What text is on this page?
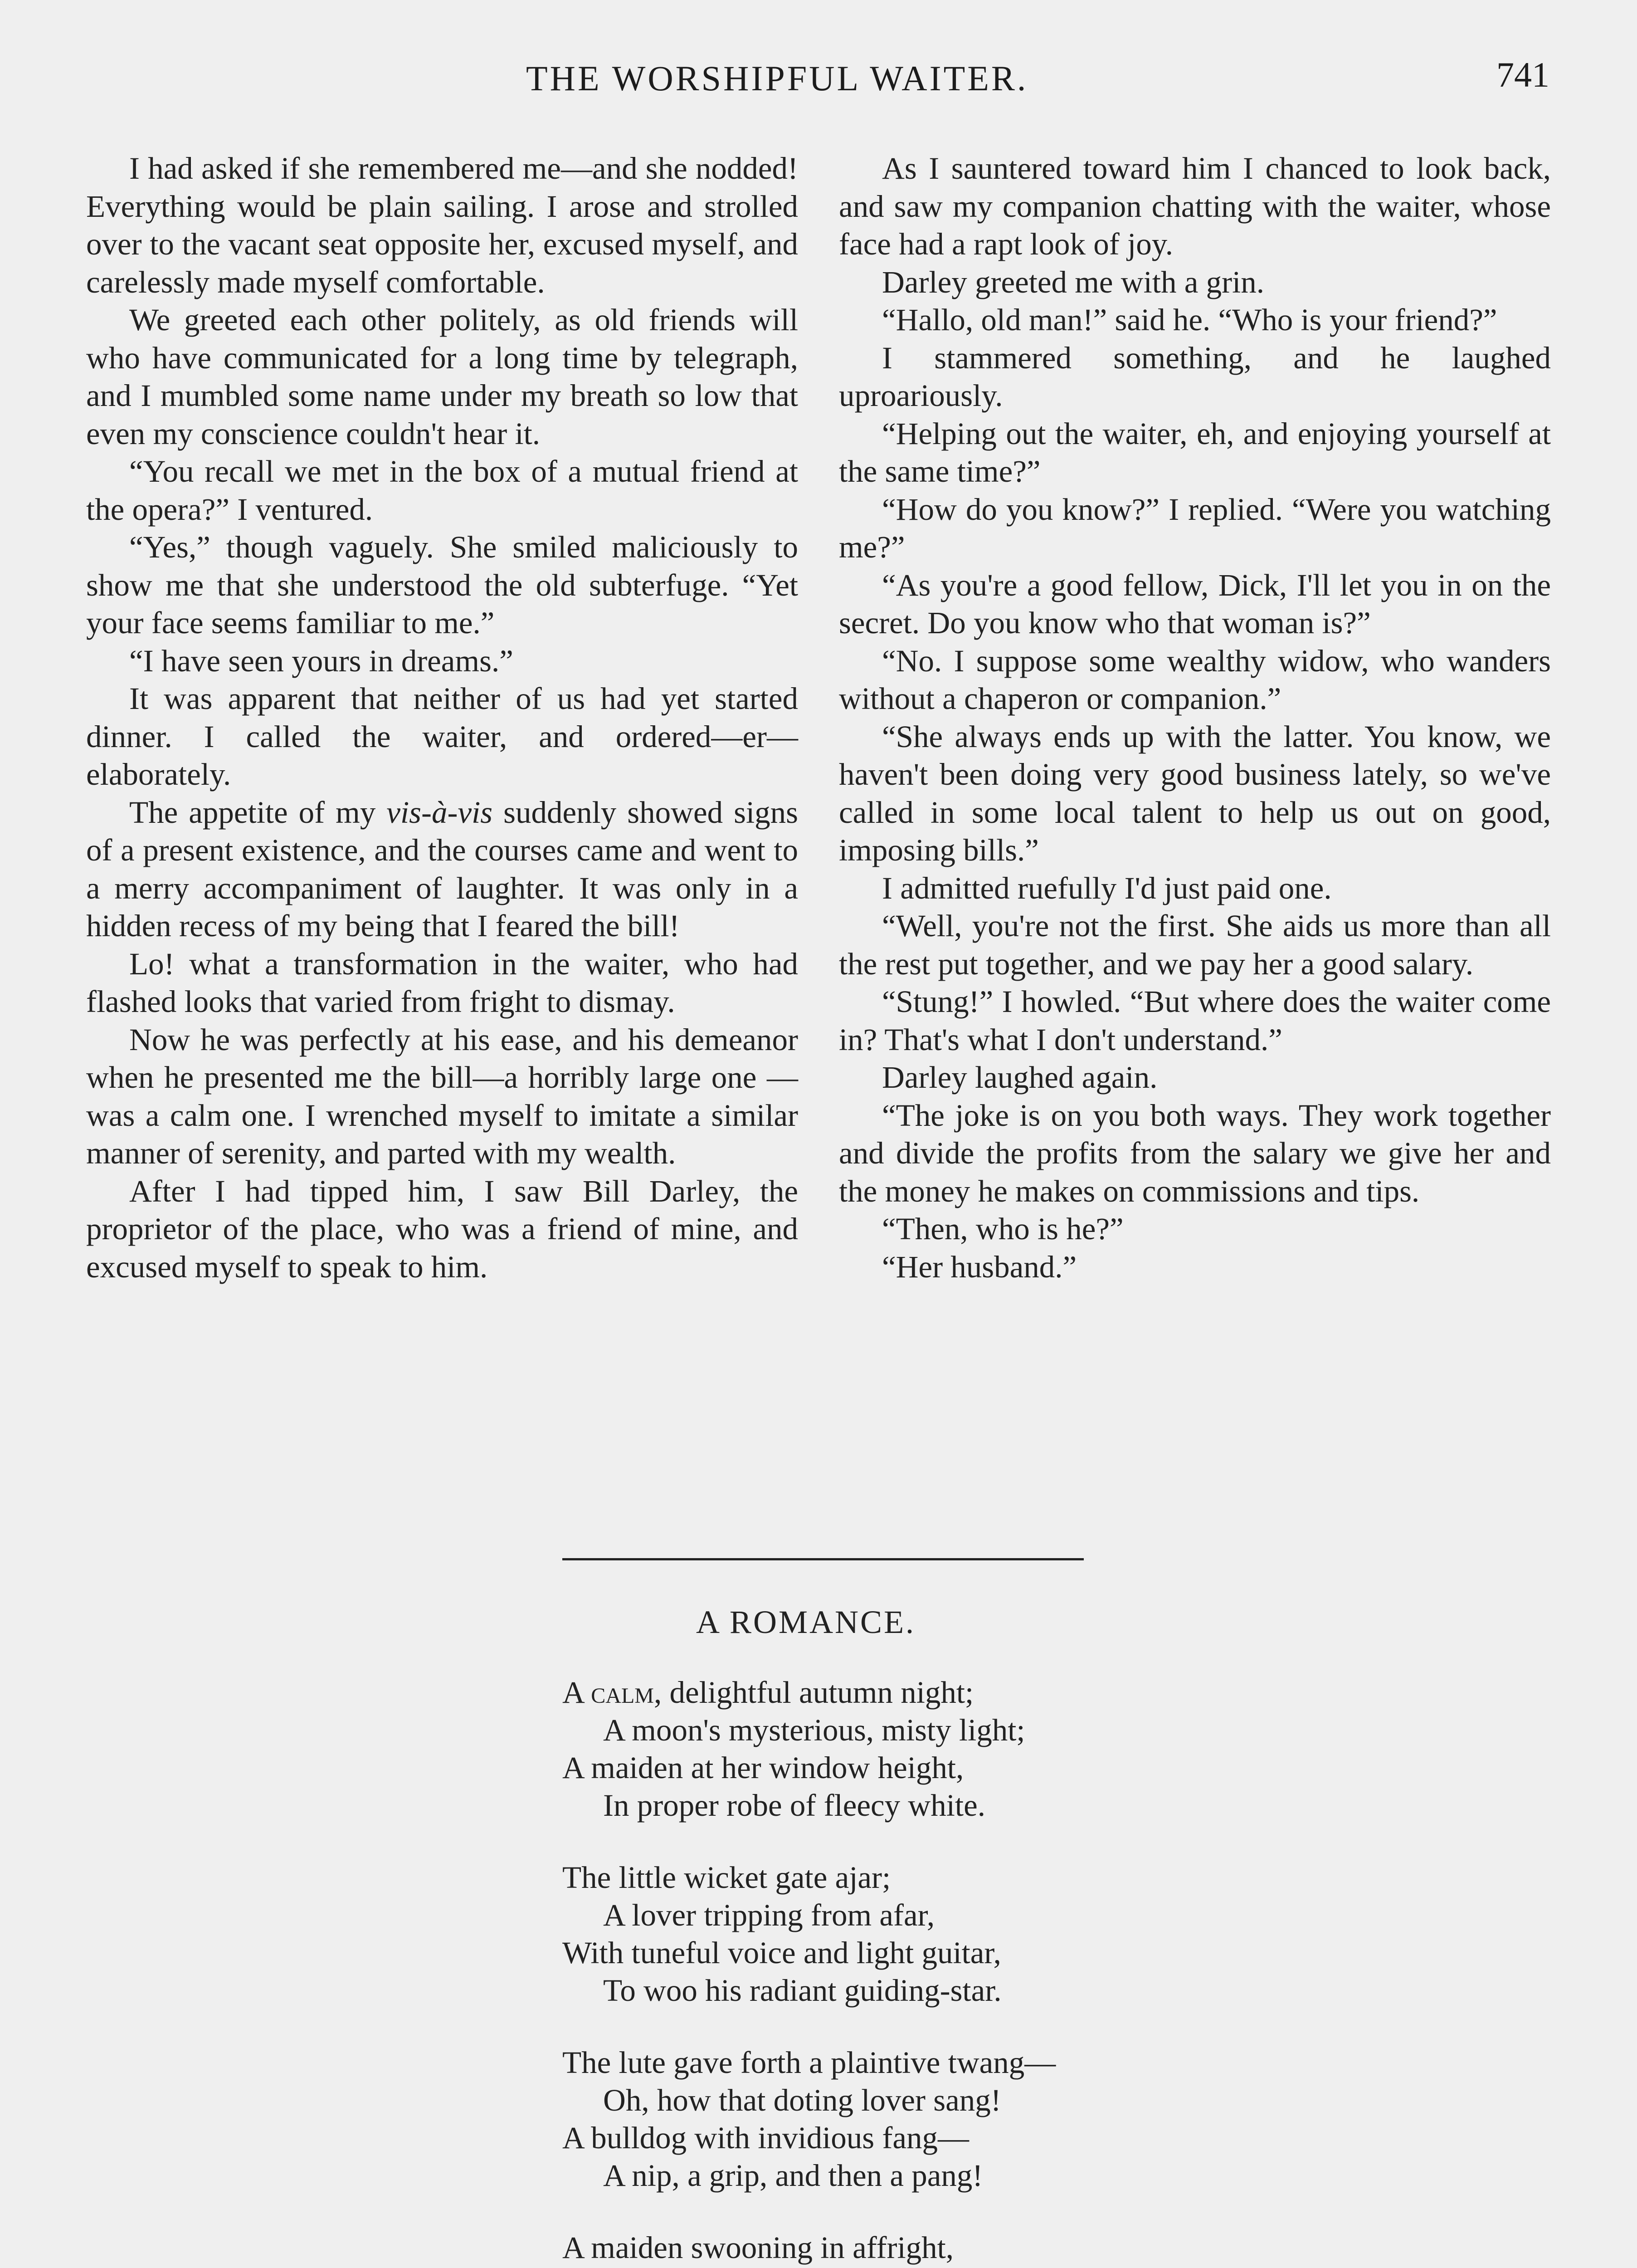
THE WORSHIPFUL WAITER.	741

I had asked if she remembered me—and she nodded! Everything would be plain sailing. I arose and strolled over to the vacant seat opposite her, excused myself, and carelessly made myself comfortable.

We greeted each other politely, as old friends will who have communicated for a long time by telegraph, and I mumbled some name under my breath so low that even my conscience couldn't hear it.

“You recall we met in the box of a mutual friend at the opera?” I ventured.

“Yes,” though vaguely. She smiled maliciously to show me that she understood the old subterfuge. “Yet your face seems familiar to me.”

“I have seen yours in dreams.”

It was apparent that neither of us had yet started dinner. I called the waiter, and ordered—er—elaborately.

The appetite of my vis-à-vis suddenly showed signs of a present existence, and the courses came and went to a merry accompaniment of laughter. It was only in a hidden recess of my being that I feared the bill!

Lo! what a transformation in the waiter, who had flashed looks that varied from fright to dismay.

Now he was perfectly at his ease, and his demeanor when he presented me the bill—a horribly large one — was a calm one. I wrenched myself to imitate a similar manner of serenity, and parted with my wealth.

After I had tipped him, I saw Bill Darley, the proprietor of the place, who was a friend of mine, and excused myself to speak to him.

As I sauntered toward him I chanced to look back, and saw my companion chatting with the waiter, whose face had a rapt look of joy.

Darley greeted me with a grin.

“Hallo, old man!” said he. “Who is your friend?”

I stammered something, and he laughed uproariously.

“Helping out the waiter, eh, and enjoying yourself at the same time?”

“How do you know?” I replied. “Were you watching me?”

“As you're a good fellow, Dick, I'll let you in on the secret. Do you know who that woman is?”

“No. I suppose some wealthy widow, who wanders without a chaperon or companion.”

“She always ends up with the latter. You know, we haven't been doing very good business lately, so we've called in some local talent to help us out on good, imposing bills.”

I admitted ruefully I'd just paid one.

“Well, you're not the first. She aids us more than all the rest put together, and we pay her a good salary.

“Stung!” I howled. “But where does the waiter come in? That's what I don't understand.”

Darley laughed again.

“The joke is on you both ways. They work together and divide the profits from the salary we give her and the money he makes on commissions and tips.

“Then, who is he?”

“Her husband.”

A ROMANCE.
A calm, delightful autumn night;
A moon's mysterious, misty light;
A maiden at her window height,
In proper robe of fleecy white.
The little wicket gate ajar;
A lover tripping from afar,
With tuneful voice and light guitar,
To woo his radiant guiding-star.
The lute gave forth a plaintive twang—
Oh, how that doting lover sang!
A bulldog with invidious fang—
A nip, a grip, and then a pang!
A maiden swooning in affright,
